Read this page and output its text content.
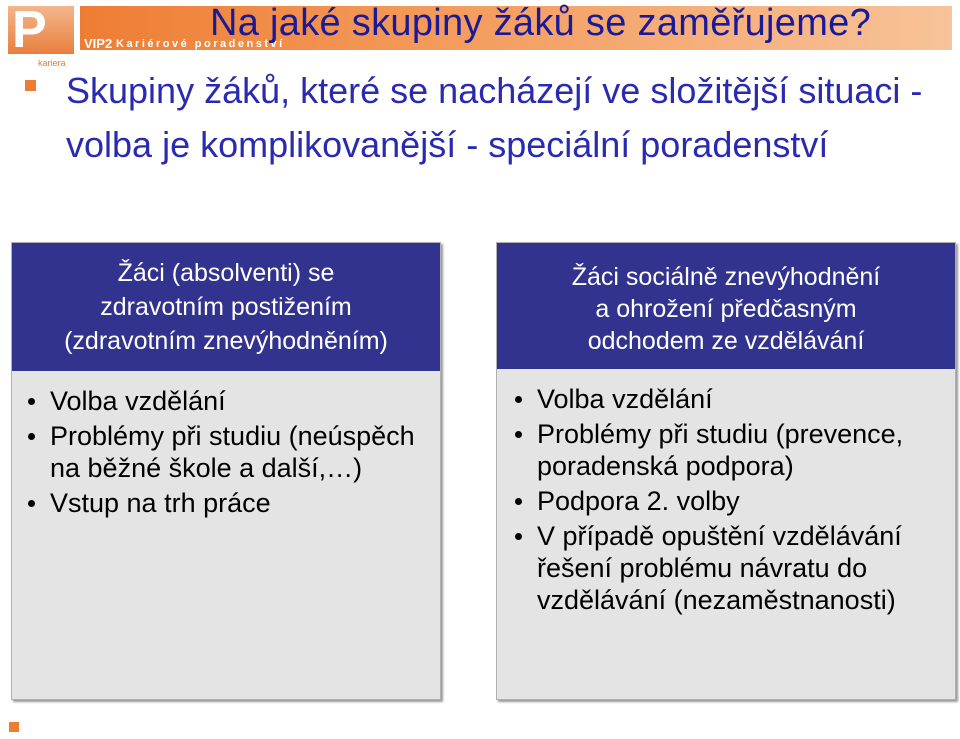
P
kariera
VIP2 Kariérové poradenství
Na jaké skupiny žáků se zaměřujeme?

Skupiny žáků, které se nacházejí ve složitější situaci - volba je komplikovanější - speciální poradenství

Žáci (absolventi) se
zdravotním postižením
(zdravotním znevýhodněním)
Volba vzdělání
Problémy při studiu (neúspěch na běžné škole a další,…)
Vstup na trh práce
Žáci sociálně znevýhodnění
a ohrožení předčasným
odchodem ze vzdělávání
Volba vzdělání
Problémy při studiu (prevence, poradenská podpora)
Podpora 2. volby
V případě opuštění vzdělávání řešení problému návratu do vzdělávání (nezaměstnanosti)
